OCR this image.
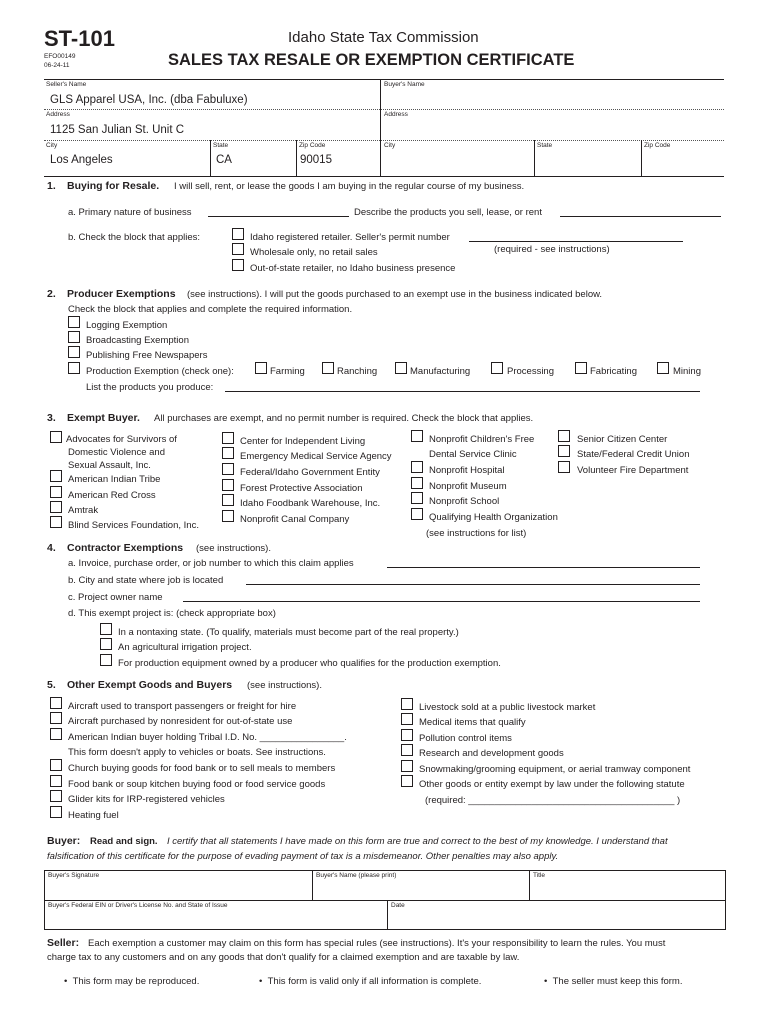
ST-101
EFO00149
06-24-11
Idaho State Tax Commission
SALES TAX RESALE OR EXEMPTION CERTIFICATE
Seller's Name
GLS Apparel USA, Inc. (dba Fabuluxe)
Buyer's Name
Address
1125 San Julian St. Unit C
Address
City
Los Angeles
State
CA
Zip Code
90015
City	State	Zip Code
1. Buying for Resale. I will sell, rent, or lease the goods I am buying in the regular course of my business.
a. Primary nature of business	Describe the products you sell, lease, or rent
b. Check the block that applies:	Idaho registered retailer. Seller's permit number
Wholesale only, no retail sales	(required - see instructions)
Out-of-state retailer, no Idaho business presence
2. Producer Exemptions (see instructions). I will put the goods purchased to an exempt use in the business indicated below.
Check the block that applies and complete the required information.
Logging Exemption
Broadcasting Exemption
Publishing Free Newspapers
Production Exemption (check one):	Farming	Ranching	Manufacturing	Processing	Fabricating	Mining
List the products you produce:
3. Exempt Buyer. All purchases are exempt, and no permit number is required. Check the block that applies.
Advocates for Survivors of
Domestic Violence and
Sexual Assault, Inc.
American Indian Tribe
American Red Cross
Amtrak
Blind Services Foundation, Inc.
Center for Independent Living
Emergency Medical Service Agency
Federal/Idaho Government Entity
Forest Protective Association
Idaho Foodbank Warehouse, Inc.
Nonprofit Canal Company
Nonprofit Children's Free
Dental Service Clinic
Nonprofit Hospital
Nonprofit Museum
Nonprofit School
Qualifying Health Organization
(see instructions for list)
Senior Citizen Center
State/Federal Credit Union
Volunteer Fire Department
4. Contractor Exemptions (see instructions).
a. Invoice, purchase order, or job number to which this claim applies
b. City and state where job is located
c. Project owner name
d. This exempt project is: (check appropriate box)
In a nontaxing state. (To qualify, materials must become part of the real property.)
An agricultural irrigation project.
For production equipment owned by a producer who qualifies for the production exemption.
5. Other Exempt Goods and Buyers (see instructions).
Aircraft used to transport passengers or freight for hire
Aircraft purchased by nonresident for out-of-state use
American Indian buyer holding Tribal I.D. No. ________________.
This form doesn't apply to vehicles or boats. See instructions.
Church buying goods for food bank or to sell meals to members
Food bank or soup kitchen buying food or food service goods
Glider kits for IRP-registered vehicles
Heating fuel
Livestock sold at a public livestock market
Medical items that qualify
Pollution control items
Research and development goods
Snowmaking/grooming equipment, or aerial tramway component
Other goods or entity exempt by law under the following statute
(required: _______________________________________ )
Buyer: Read and sign. I certify that all statements I have made on this form are true and correct to the best of my knowledge. I understand that
falsification of this certificate for the purpose of evading payment of tax is a misdemeanor. Other penalties may also apply.
Buyer's Signature	Buyer's Name (please print)	Title
Buyer's Federal EIN or Driver's License No. and State of Issue	Date
Seller: Each exemption a customer may claim on this form has special rules (see instructions). It's your responsibility to learn the rules. You must
charge tax to any customers and on any goods that don't qualify for a claimed exemption and are taxable by law.
•  This form may be reproduced.	•  This form is valid only if all information is complete.	•  The seller must keep this form.
